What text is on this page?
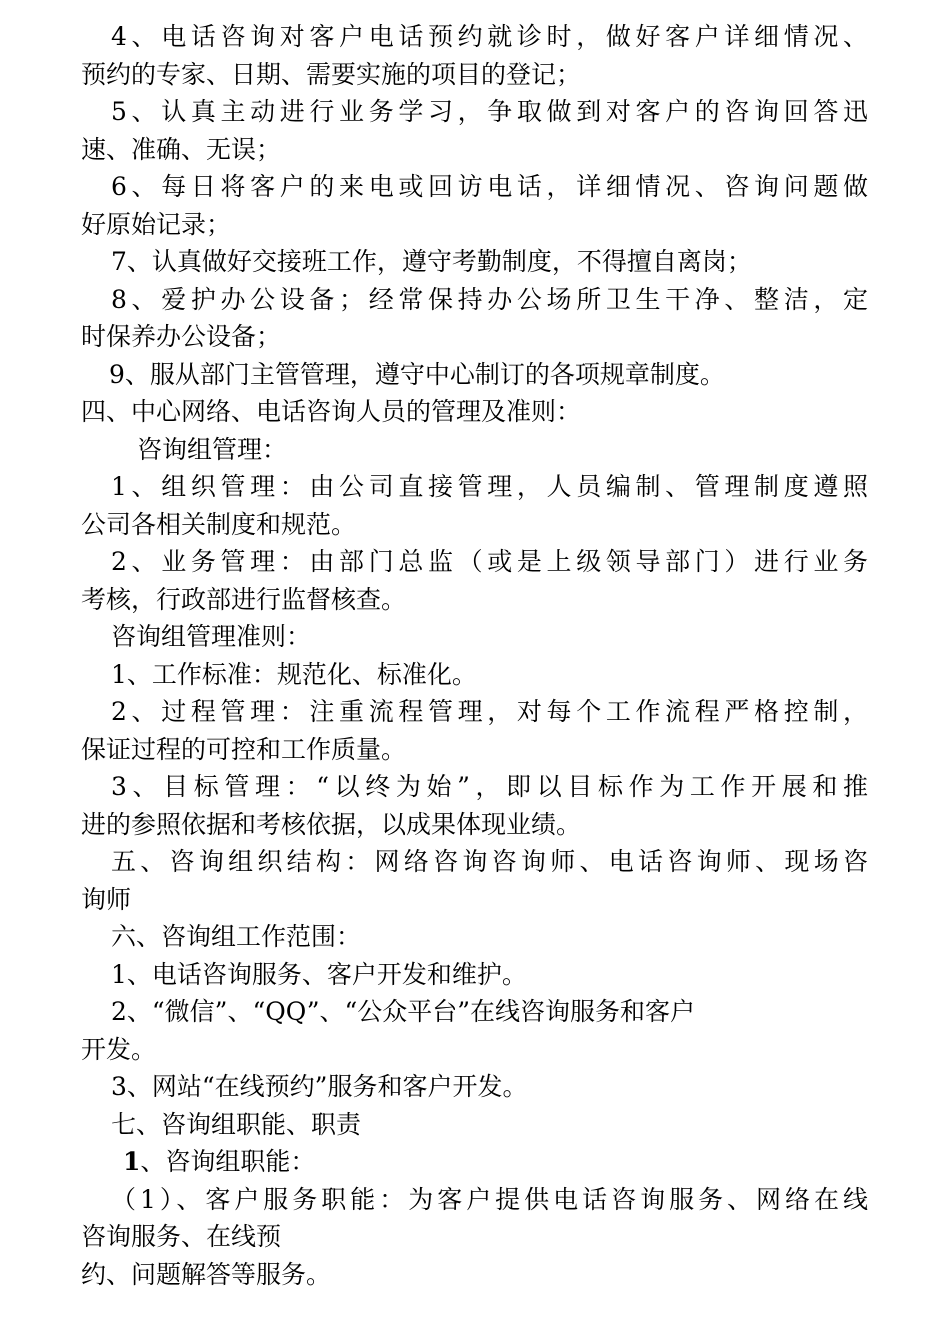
4、电话咨询对客户电话预约就诊时，做好客户详细情况、
预约的专家、日期、需要实施的项目的登记；
5、认真主动进行业务学习，争取做到对客户的咨询回答迅
速、准确、无误；
6、每日将客户的来电或回访电话，详细情况、咨询问题做
好原始记录；
7、认真做好交接班工作，遵守考勤制度，不得擅自离岗；
8、爱护办公设备；经常保持办公场所卫生干净、整洁，定
时保养办公设备；
9、服从部门主管管理，遵守中心制订的各项规章制度。
四、中心网络、电话咨询人员的管理及准则：
咨询组管理：
1、组织管理：由公司直接管理，人员编制、管理制度遵照
公司各相关制度和规范。
2、业务管理：由部门总监（或是上级领导部门）进行业务
考核，行政部进行监督核查。
咨询组管理准则：
1、工作标准：规范化、标准化。
2、过程管理：注重流程管理，对每个工作流程严格控制，
保证过程的可控和工作质量。
3、目标管理：“以终为始”，即以目标作为工作开展和推
进的参照依据和考核依据，以成果体现业绩。
五、咨询组织结构：网络咨询咨询师、电话咨询师、现场咨
询师
六、咨询组工作范围：
1、电话咨询服务、客户开发和维护。
2、“微信”、“QQ”、“公众平台”在线咨询服务和客户
开发。
3、网站“在线预约”服务和客户开发。
七、咨询组职能、职责
1、咨询组职能：
（1）、客户服务职能：为客户提供电话咨询服务、网络在线
咨询服务、在线预
约、问题解答等服务。
